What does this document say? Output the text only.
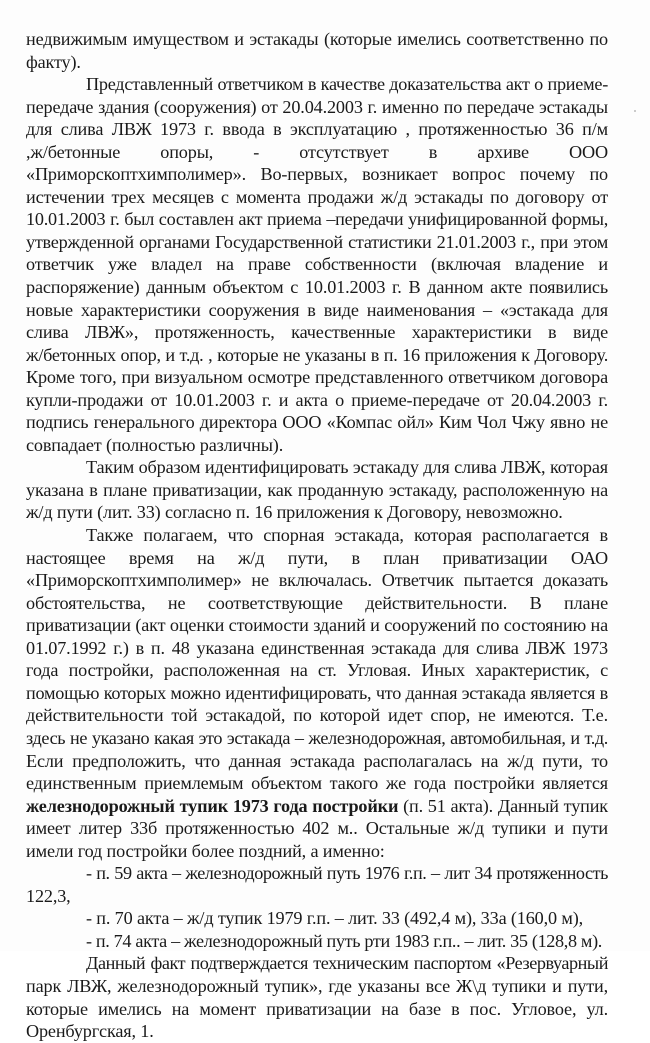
недвижимым имуществом и эстакады (которые имелись соответственно по
факту).
Представленный ответчиком в качестве доказательства акт о приеме-
передаче здания (сооружения) от 20.04.2003 г. именно по передаче эстакады
для слива ЛВЖ 1973 г. ввода в эксплуатацию , протяженностью 36 п/м
,ж/бетонные опоры, - отсутствует в архиве ООО
«Приморскоптхимполимер». Во-первых, возникает вопрос почему по
истечении трех месяцев с момента продажи ж/д эстакады по договору от
10.01.2003 г. был составлен акт приема –передачи унифицированной формы,
утвержденной органами Государственной статистики 21.01.2003 г., при этом
ответчик уже владел на праве собственности (включая владение и
распоряжение) данным объектом с 10.01.2003 г. В данном акте появились
новые характеристики сооружения в виде наименования – «эстакада для
слива ЛВЖ», протяженность, качественные характеристики в виде
ж/бетонных опор, и т.д. , которые не указаны в п. 16 приложения к Договору.
Кроме того, при визуальном осмотре представленного ответчиком договора
купли-продажи от 10.01.2003 г. и акта о приеме-передаче от 20.04.2003 г.
подпись генерального директора ООО «Компас ойл» Ким Чол Чжу явно не
совпадает (полностью различны).
Таким образом идентифицировать эстакаду для слива ЛВЖ, которая
указана в плане приватизации, как проданную эстакаду, расположенную на
ж/д пути (лит. 33) согласно п. 16 приложения к Договору, невозможно.
Также полагаем, что спорная эстакада, которая располагается в
настоящее время на ж/д пути, в план приватизации ОАО
«Приморскоптхимполимер» не включалась. Ответчик пытается доказать
обстоятельства, не соответствующие действительности. В плане
приватизации (акт оценки стоимости зданий и сооружений по состоянию на
01.07.1992 г.) в п. 48 указана единственная эстакада для слива ЛВЖ 1973
года постройки, расположенная на ст. Угловая. Иных характеристик, с
помощью которых можно идентифицировать, что данная эстакада является в
действительности той эстакадой, по которой идет спор, не имеются. Т.е.
здесь не указано какая это эстакада – железнодорожная, автомобильная, и т.д.
Если предположить, что данная эстакада располагалась на ж/д пути, то
единственным приемлемым объектом такого же года постройки является
железнодорожный тупик 1973 года постройки (п. 51 акта). Данный тупик
имеет литер 33б протяженностью 402 м.. Остальные ж/д тупики и пути
имели год постройки более поздний, а именно:
- п. 59 акта – железнодорожный путь 1976 г.п. – лит 34 протяженность
122,3,
- п. 70 акта – ж/д тупик 1979 г.п. – лит. 33 (492,4 м), 33а (160,0 м),
- п. 74 акта – железнодорожный путь рти 1983 г.п.. – лит. 35 (128,8 м).
Данный факт подтверждается техническим паспортом «Резервуарный
парк ЛВЖ, железнодорожный тупик», где указаны все Ж\д тупики и пути,
которые имелись на момент приватизации на базе в пос. Угловое, ул.
Оренбургская, 1.
